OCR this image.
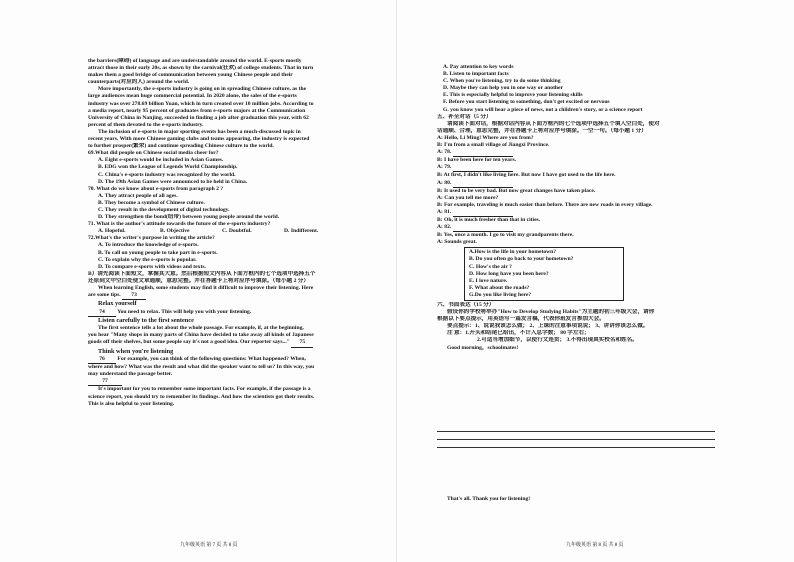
the barriers(障碍) of language and are understandable around the world. E-sports mostly

attract those in their early 20s, as shown by the carnival(狂欢) of college students. That in turn

makes them a good bridge of communication between young Chinese people and their

counterparts(对应的人) around the world.

More importantly, the e-sports industry is going on in spreading Chinese culture, as the

large audiences mean huge commercial potential. In 2020 alone, the sales of the e-sports

industry was over 278.69 billion Yuan, which in turn created over 10 million jobs. According to

a media report, nearly 95 percent of graduates from e-sports majors at the Communication

University of China in Nanjing, succeeded in finding a job after graduation this year, with 62

percent of them devoted to the e-sports industry.

The inclusion of e-sports in major sporting events has been a much-discussed topic in

recent years. With more Chinese gaming clubs and teams appearing, the industry is expected

to further prosper(繁荣) and continue spreading Chinese culture to the world.

69.What did people on Chinese social media cheer for?

A. Eight e-sports would be included in Asian Games.

B. EDG won the League of Legends World Championship.

C. China's e-sports industry was recognized by the world.

D. The 19th Asian Games were announced to be held in China.

70. What do we know about e-sports from paragraph 2 ?

A. They attract people of all ages.

B. They become a symbol of Chinese culture.

C. They result in the development of digital technology.

D. They strengthen the bond(纽带) between young people around the world.

71. What is the author's attitude towards the future of the e-sports industry?

A. Hopeful.	B. Objective	C. Doubtful.	D. Indifferent.

72.What's the writer's purpose in writing the article?

A. To introduce the knowledge of e-sports.

B. To call on young people to take part in e-sports.

C. To explain why the e-sports is popular.

D. To compare e-sports with videos and texts.

B）请先阅读下面短文，掌握其大意。然后根据短文内容从下面方框内的七个选项中选择五个

还原到文中空白处使文章通顺，意思完整。并在答题卡上将对应序号填涂。（每小题 2 分）

When learning English, some students may find it difficult to improve their listening. Here

are some tips. 73

Relax yourself

74 You need to relax. This will help you with your listening.

Listen carefully to the first sentence

The first sentence tells a lot about the whole passage. For example, if, at the beginning,

you hear "Many shops in many parts of China have decided to take away all kinds of Japanese

goods off their shelves, but some people say it's not a good idea. Our reporter says..." 75

Think when you're listening

76 For example, you can think of the following questions: What happened? When,

where and how? What was the result and what did the speaker want to tell us? In this way, you

may understand the passage better.

77

It's important for you to remember some important facts. For example, if the passage is a

science report, you should try to remember its findings. And how the scientists got their results.

This is also helpful to your listening.

九年级英语 第 7 页 共 8 页

A. Pay attention to key words

B. Listen to important facts

C. When you're listening, try to do some thinking

D. Maybe they can help you in one way or another

E. This is especially helpful to improve your listening skills

F. Before you start listening to something, don't get excited or nervous

G. you know you will hear a piece of news, not a children's story, or a science report

五、补全对话（5 分）

请阅读下面对话，根据对话内容从下面方框内的七个选项中选择五个填入空白处，使对

话通顺、合理，意思完整，并在答题卡上将对应序号填涂。一空一句。（每小题 1 分）

A: Hello, Li Ming! Where are you from?

B: I'm from a small village of Jiangxi Province.

A: 78.

B: I have been here for ten years.

A: 79.

B: At first, I didn't like living here. But now I have got used to the life here.

A: 80.

B: It used to be very bad. But now great changes have taken place.

A: Can you tell me more?

B: For example, traveling is much easier than before. There are new roads in every village.

A: 81.

B: Oh, it is much fresher than that in cities.

A: 82.

B: Yes, once a month. I go to visit my grandparents there.

A: Sounds great.

A.How is the life in your hometown?

B. Do you often go back to your hometown?

C. How's the air ?

D. How long have you been here?

E. I love nature.

F. What about the roads?

G.Do you like living here?

六、书面表达（15 分）

假设你的学校将举办"How to Develop Studying Habits"为主题的初三年级大会，请你

根据以下要点提示，用英语写一篇发言稿，代表你班发言参加大会。

要点提示：1、说说我该怎么做； 2、上课的注意事项说说； 3、讲讲你该怎么做。

注 意：1.开头和结尾已给出，不计入总字数； 80 字左右；

2.可适当增加细节，以使行文连贯； 3.不得出现真实校名和姓名。

Good morning，schoolmates!

That's all. Thank you for listening!

九年级英语 第 8 页 共 8 页
